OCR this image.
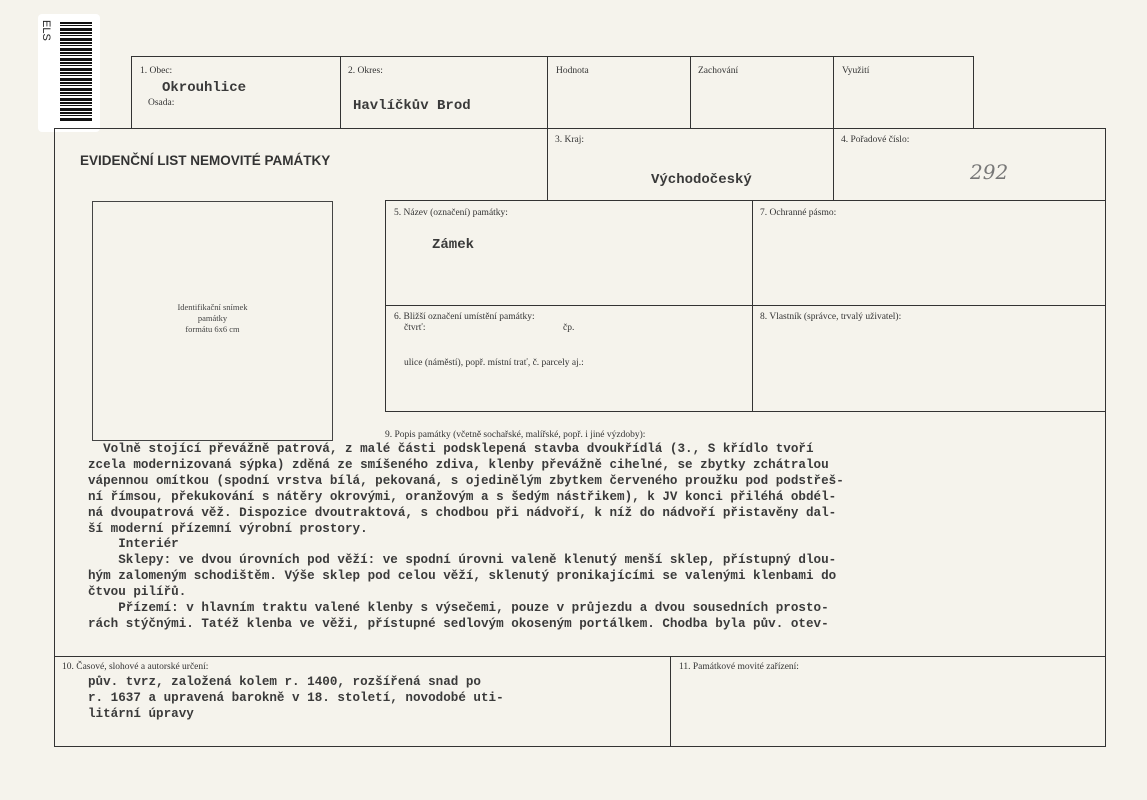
ELS
1. Obec:
Okrouhlice
Osada:
2. Okres:
Havlíčkův Brod
Hodnota	Zachování	Využití
EVIDENČNÍ LIST NEMOVITÉ PAMÁTKY
3. Kraj:
Východočeský
4. Pořadové číslo:
292
Identifikační snímek
památky
formátu 6x6 cm
5. Název (označení) památky:
Zámek
7. Ochranné pásmo:
6. Bližší označení umístění památky:
čtvrť:	čp.
ulice (náměstí), popř. místní trať, č. parcely aj.:
8. Vlastník (správce, trvalý uživatel):
9. Popis památky (včetně sochařské, malířské, popř. i jiné výzdoby):
Volně stojící převážně patrová, z malé části podsklepená stavba dvoukřídlá (3., S křídlo tvoří
zcela modernizovaná sýpka) zděná ze smíšeného zdiva, klenby převážně cihelné, se zbytky zchátralou
vápennou omítkou (spodní vrstva bílá, pekovaná, s ojedinělým zbytkem červeného proužku pod podstřeš-
ní římsou, překukování s nátěry okrovými, oranžovým a s šedým nástřikem), k JV konci přiléhá obdél-
ná dvoupatrová věž. Dispozice dvoutraktová, s chodbou při nádvoří, k níž do nádvoří přistavěny dal-
ší moderní přízemní výrobní prostory.
Interiér
Sklepy: ve dvou úrovních pod věží: ve spodní úrovni valeně klenutý menší sklep, přístupný dlou-
hým zalomeným schodištěm. Výše sklep pod celou věží, sklenutý pronikajícími se valenými klenbami do
čtvou pilířů.
Přízemí: v hlavním traktu valené klenby s výsečemi, pouze v průjezdu a dvou sousedních prosto-
rách stýčnými. Tatéž klenba ve věži, přístupné sedlovým okoseným portálkem. Chodba byla pův. otev-
10. Časové, slohové a autorské určení:
pův. tvrz, založená kolem r. 1400, rozšířená snad po
r. 1637 a upravená barokně v 18. století, novodobé uti-
litární úpravy
11. Památkové movité zařízení:
